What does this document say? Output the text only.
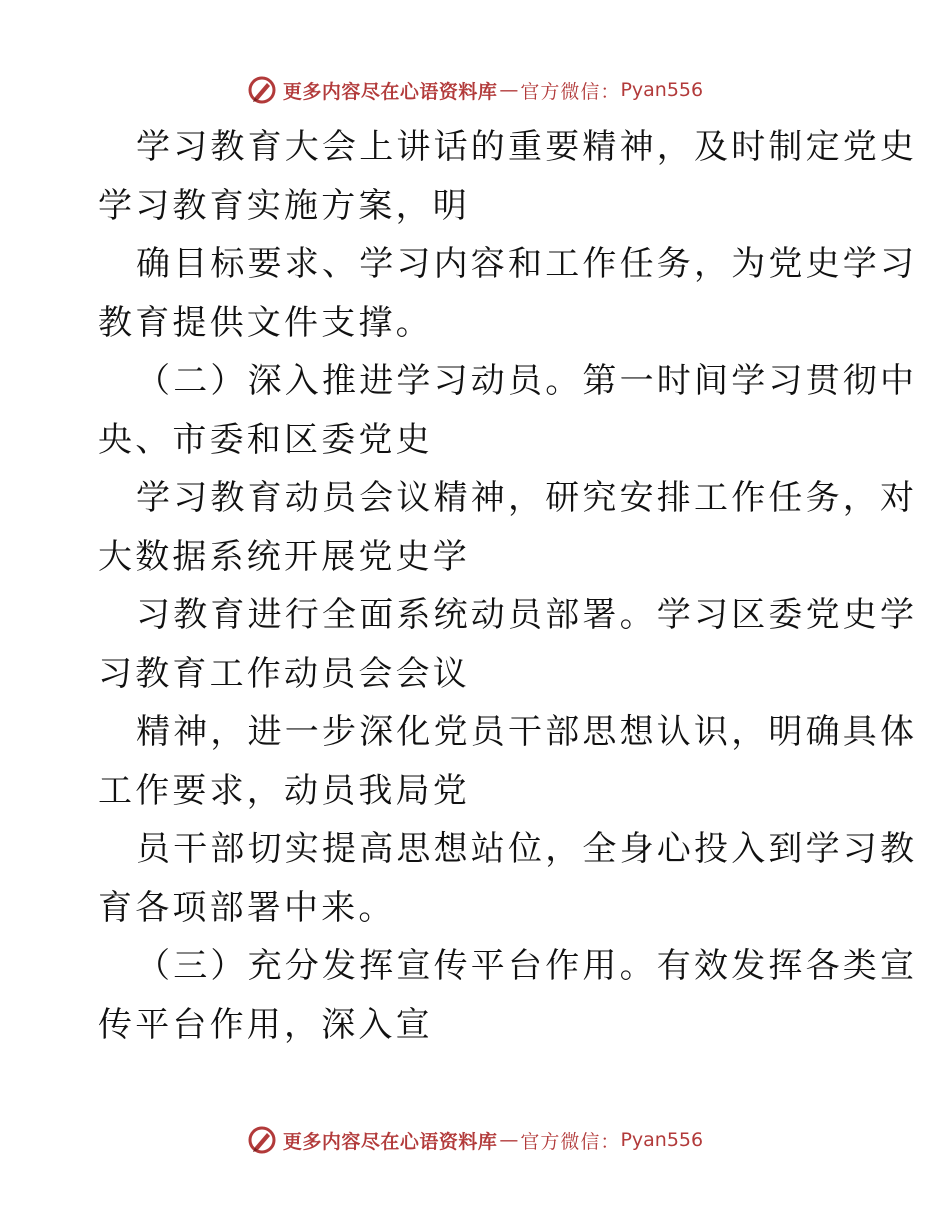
更多内容尽在心语资料库 — 官方微信： Pyan556
学习教育大会上讲话的重要精神，及时制定党史
学习教育实施方案，明
确目标要求、学习内容和工作任务，为党史学习
教育提供文件支撑。
（二）深入推进学习动员。第一时间学习贯彻中
央、市委和区委党史
学习教育动员会议精神，研究安排工作任务，对
大数据系统开展党史学
习教育进行全面系统动员部署。学习区委党史学
习教育工作动员会会议
精神，进一步深化党员干部思想认识，明确具体
工作要求，动员我局党
员干部切实提高思想站位，全身心投入到学习教
育各项部署中来。
（三）充分发挥宣传平台作用。有效发挥各类宣
传平台作用，深入宣
更多内容尽在心语资料库 — 官方微信： Pyan556
